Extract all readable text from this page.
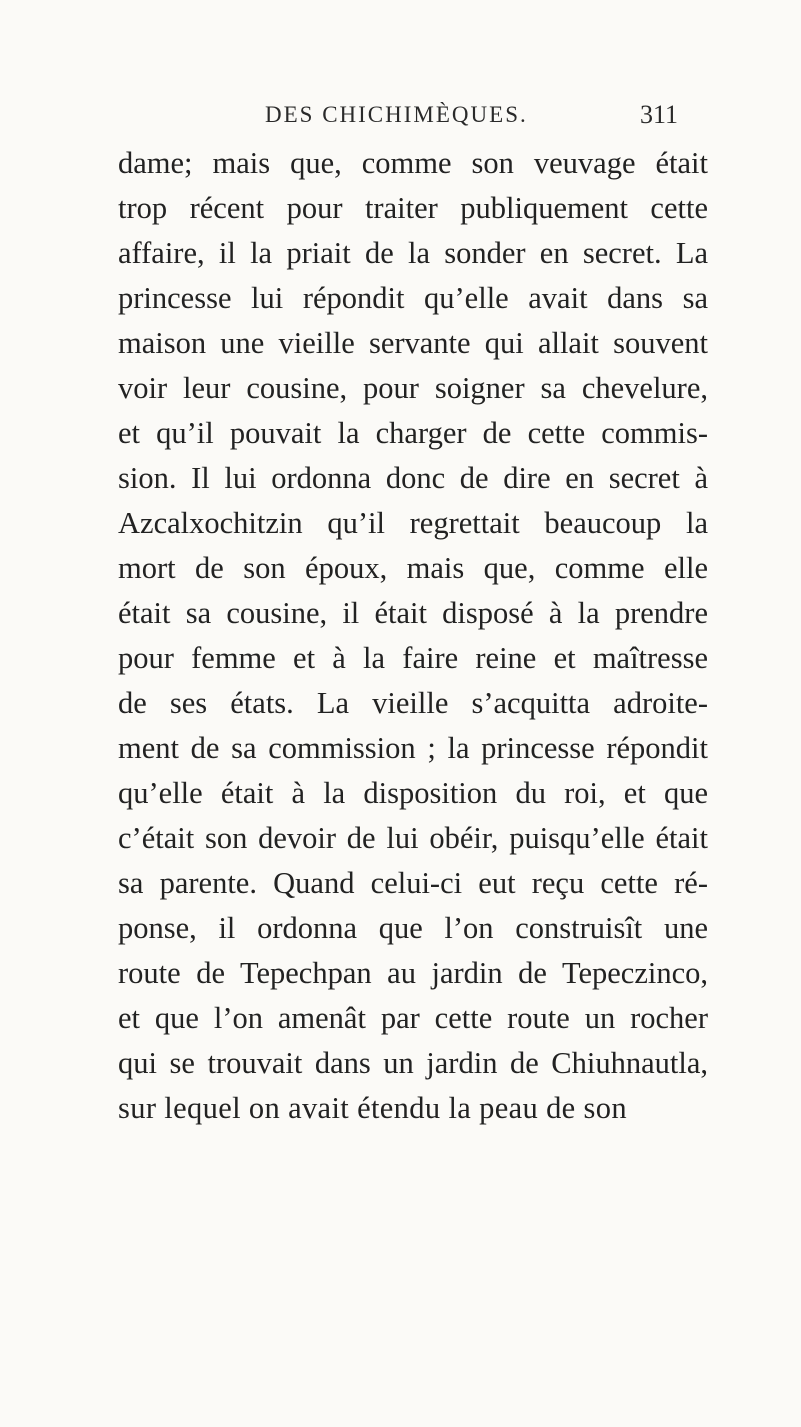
DES CHICHIMÈQUES.	311
dame; mais que, comme son veuvage était
trop récent pour traiter publiquement cette
affaire, il la priait de la sonder en secret. La
princesse lui répondit qu’elle avait dans sa
maison une vieille servante qui allait souvent
voir leur cousine, pour soigner sa chevelure,
et qu’il pouvait la charger de cette commis-
sion. Il lui ordonna donc de dire en secret à
Azcalxochitzin qu’il regrettait beaucoup la
mort de son époux, mais que, comme elle
était sa cousine, il était disposé à la prendre
pour femme et à la faire reine et maîtresse
de ses états. La vieille s’acquitta adroite-
ment de sa commission ; la princesse répondit
qu’elle était à la disposition du roi, et que
c’était son devoir de lui obéir, puisqu’elle était
sa parente. Quand celui-ci eut reçu cette ré-
ponse, il ordonna que l’on construisît une
route de Tepechpan au jardin de Tepeczinco,
et que l’on amenât par cette route un rocher
qui se trouvait dans un jardin de Chiuhnautla,
sur lequel on avait étendu la peau de son
